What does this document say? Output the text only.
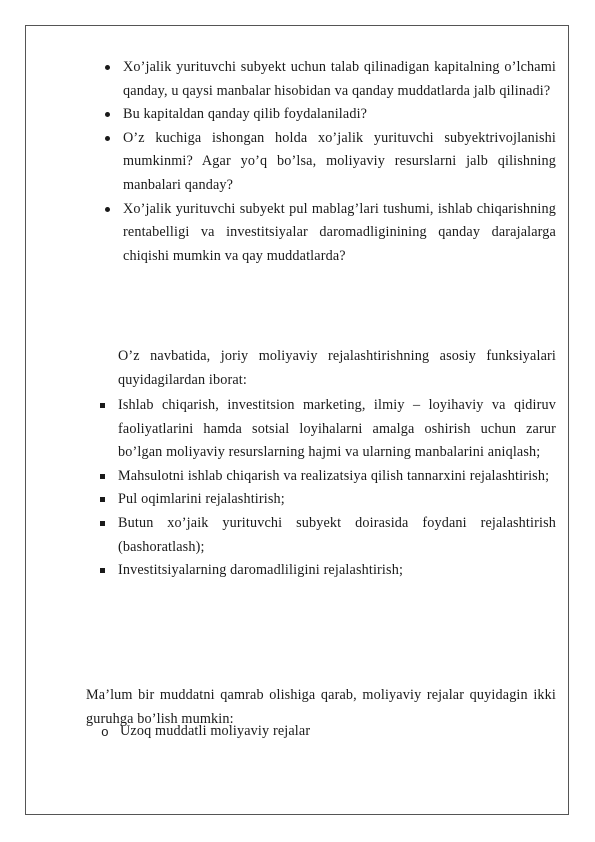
Xo’jalik yurituvchi subyekt uchun talab qilinadigan kapitalning o’lchami qanday, u qaysi manbalar hisobidan va qanday muddatlarda jalb qilinadi?
Bu kapitaldan qanday qilib foydalaniladi?
O’z kuchiga ishongan holda xo’jalik yurituvchi subyektrivojlanishi mumkinmi? Agar yo’q bo’lsa, moliyaviy resurslarni jalb qilishning manbalari qanday?
Xo’jalik yurituvchi subyekt pul mablag’lari tushumi, ishlab chiqarishning rentabelligi va investitsiyalar daromadliginining qanday darajalarga chiqishi mumkin va qay muddatlarda?

O’z navbatida, joriy moliyaviy rejalashtirishning asosiy funksiyalari quyidagilardan iborat:

Ishlab chiqarish, investitsion marketing, ilmiy – loyihaviy va qidiruv faoliyatlarini hamda sotsial loyihalarni amalga oshirish uchun zarur bo’lgan moliyaviy resurslarning hajmi va ularning manbalarini aniqlash;
Mahsulotni ishlab chiqarish va realizatsiya qilish tannarxini rejalashtirish;
Pul oqimlarini rejalashtirish;
Butun xo’jaik yurituvchi subyekt doirasida foydani rejalashtirish (bashoratlash);
Investitsiyalarning daromadliligini rejalashtirish;

Ma’lum bir muddatni qamrab olishiga qarab, moliyaviy rejalar quyidagin ikki guruhga bo’lish mumkin:

o Uzoq muddatli moliyaviy rejalar
